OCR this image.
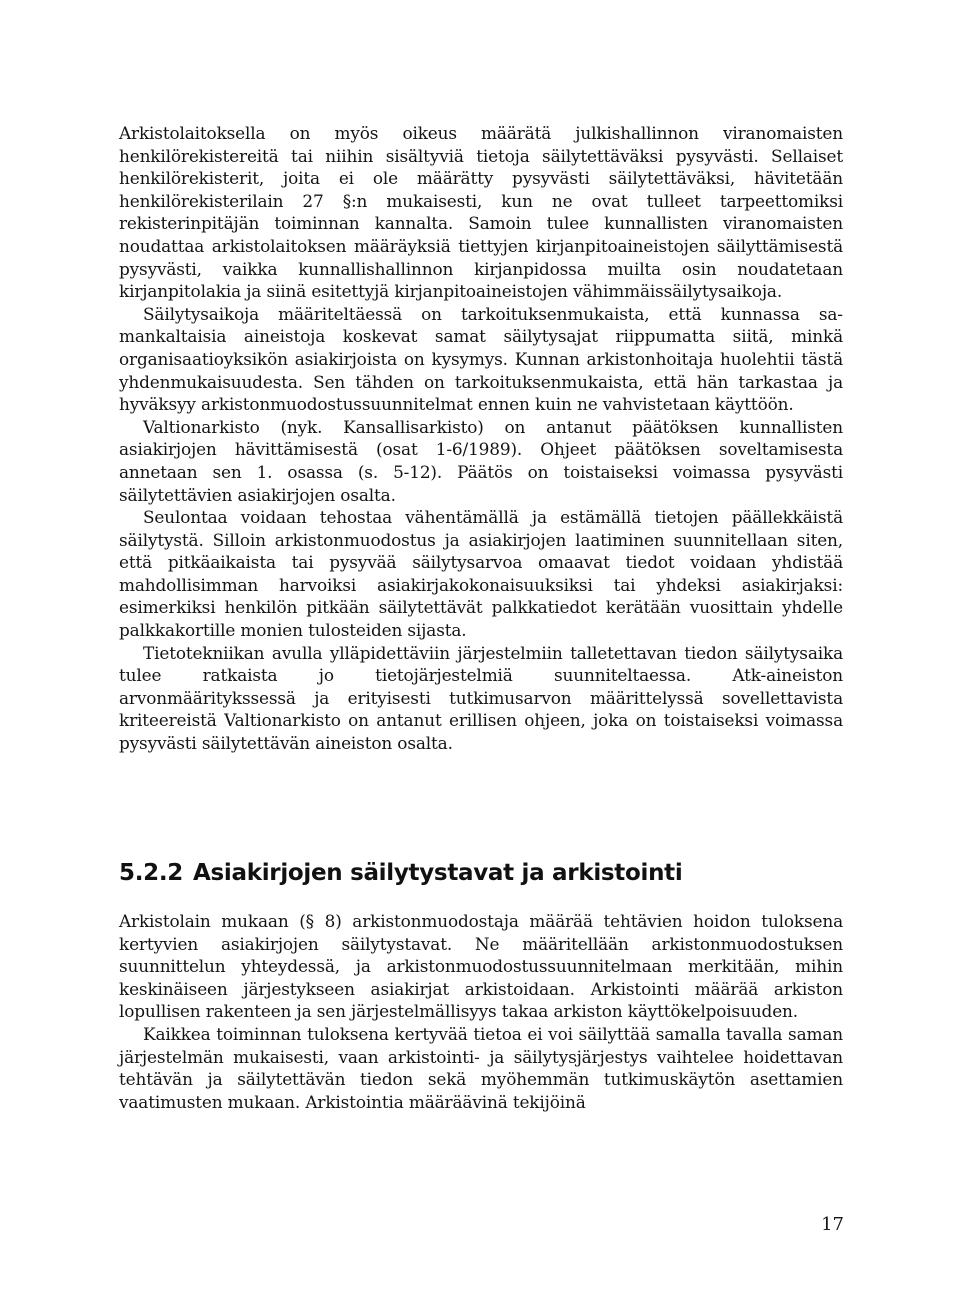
Arkistolaitoksella on myös oikeus määrätä julkishallinnon viranomaisten henkilörekistereitä tai niihin sisältyviä tietoja säilytettäväksi pysyvästi. Sellaiset henkilörekisterit, joita ei ole määrätty pysyvästi säilytettäväksi, hävitetään henkilörekisterilain 27 §:n mukaisesti, kun ne ovat tulleet tarpeettomiksi rekisterinpitäjän toiminnan kannalta. Samoin tulee kunnallisten viranomaisten noudattaa arkistolaitoksen määräyksiä tiettyjen kirjanpitoaineistojen säilyttämisestä pysyvästi, vaikka kunnallishallinnon kirjanpidossa muilta osin noudatetaan kirjanpitolakia ja siinä esitettyjä kirjanpitoaineistojen vähimmäissäilytysaikoja.

Säilytysaikoja määriteltäessä on tarkoituksenmukaista, että kunnassa samankaltaisia aineistoja koskevat samat säilytysajat riippumatta siitä, minkä organisaatioyksikön asiakirjoista on kysymys. Kunnan arkistonhoitaja huolehtii tästä yhdenmukaisuudesta. Sen tähden on tarkoituksenmukaista, että hän tarkastaa ja hyväksyy arkistonmuodostussuunnitelmat ennen kuin ne vahvistetaan käyttöön.

Valtionarkisto (nyk. Kansallisarkisto) on antanut päätöksen kunnallisten asiakirjojen hävittämisestä (osat 1-6/1989). Ohjeet päätöksen soveltamisesta annetaan sen 1. osassa (s. 5-12). Päätös on toistaiseksi voimassa pysyvästi säilytettävien asiakirjojen osalta.

Seulontaa voidaan tehostaa vähentämällä ja estämällä tietojen päällekkäistä säilytystä. Silloin arkistonmuodostus ja asiakirjojen laatiminen suunnitellaan siten, että pitkäaikaista tai pysyvää säilytysarvoa omaavat tiedot voidaan yhdistää mahdollisimman harvoiksi asiakirjakokonaisuuksiksi tai yhdeksi asiakirjaksi: esimerkiksi henkilön pitkään säilytettävät palkkatiedot kerätään vuosittain yhdelle palkkakortille monien tulosteiden sijasta.

Tietotekniikan avulla ylläpidettäviin järjestelmiin talletettavan tiedon säilytysaika tulee ratkaista jo tietojärjestelmiä suunniteltaessa. Atk-aineiston arvonmääritykssessä ja erityisesti tutkimusarvon määrittelyssä sovellettavista kriteereistä Valtionarkisto on antanut erillisen ohjeen, joka on toistaiseksi voimassa pysyvästi säilytettävän aineiston osalta.

5.2.2 Asiakirjojen säilytystavat ja arkistointi

Arkistolain mukaan (§ 8) arkistonmuodostaja määrää tehtävien hoidon tuloksena kertyvien asiakirjojen säilytystavat. Ne määritellään arkistonmuodostuksen suunnittelun yhteydessä, ja arkistonmuodostussuunnitelmaan merkitään, mihin keskinäiseen järjestykseen asiakirjat arkistoidaan. Arkistointi määrää arkiston lopullisen rakenteen ja sen järjestelmällisyys takaa arkiston käyttökelpoisuuden.

Kaikkea toiminnan tuloksena kertyvää tietoa ei voi säilyttää samalla tavalla saman järjestelmän mukaisesti, vaan arkistointi- ja säilytysjärjestys vaihtelee hoidettavan tehtävän ja säilytettävän tiedon sekä myöhemmän tutkimuskäytön asettamien vaatimusten mukaan. Arkistointia määräävinä tekijöinä

17
